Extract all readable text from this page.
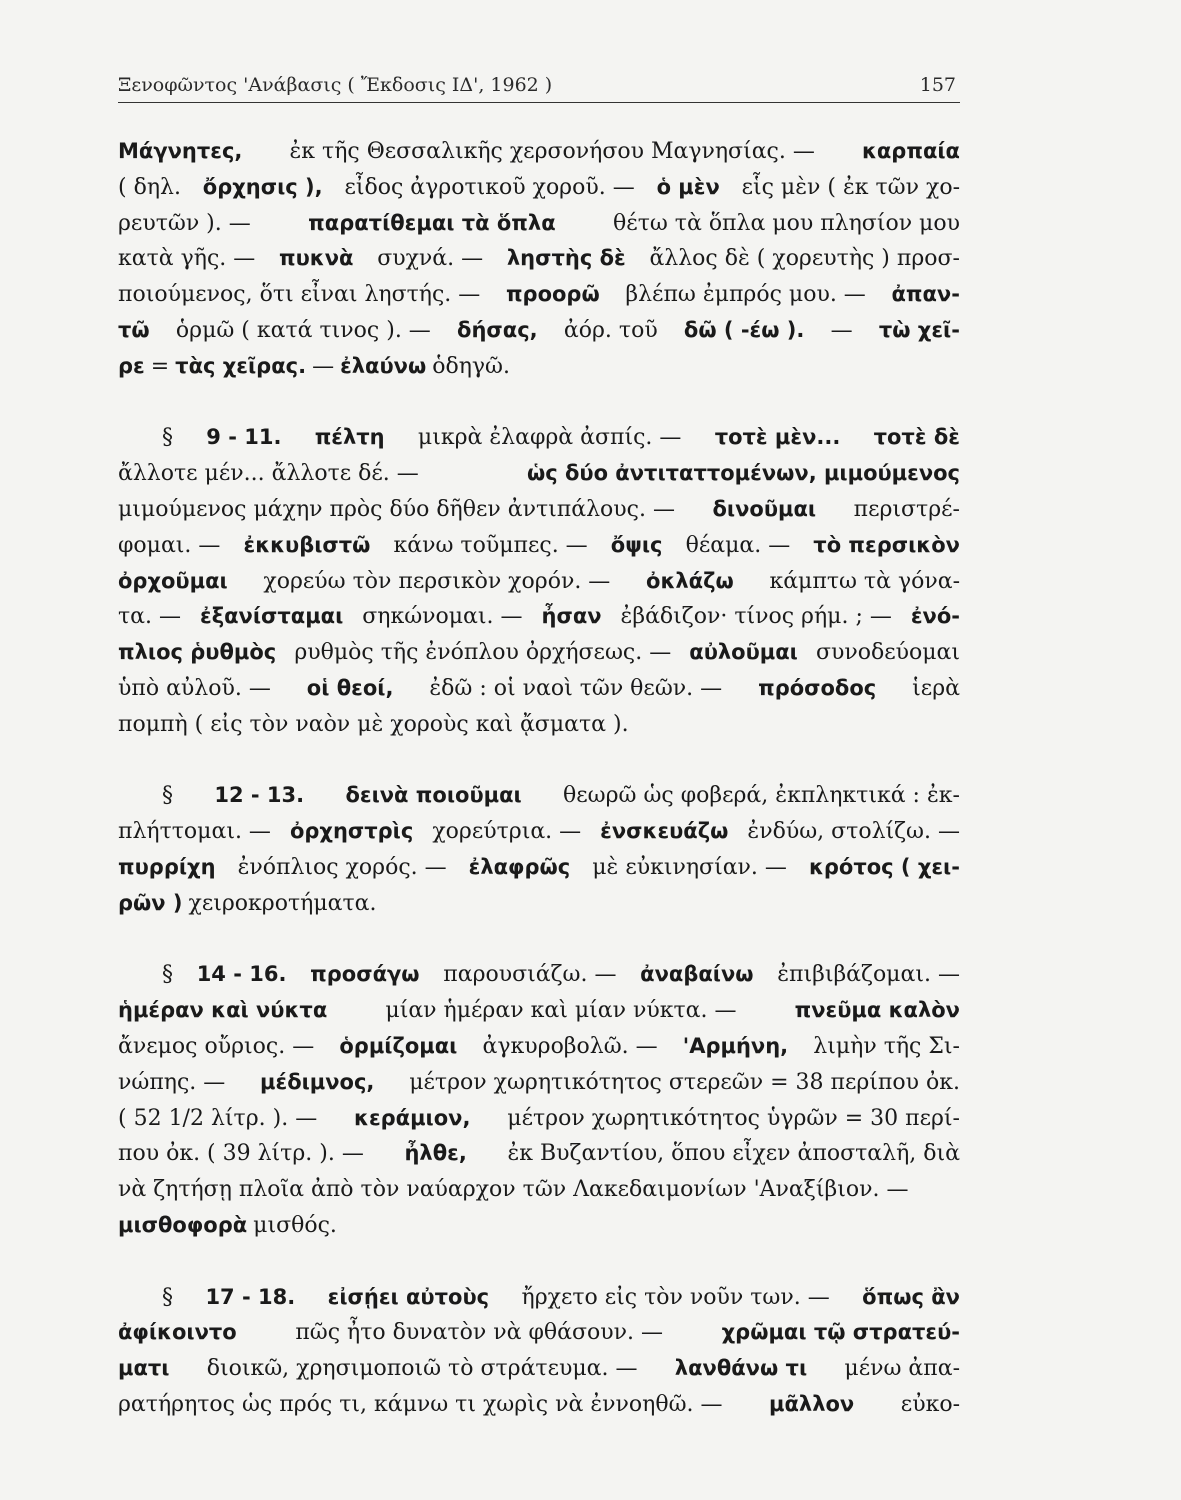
Ξενοφῶντος 'Ανάβασις ( Ἔκδοσις ΙΔ', 1962 )	157
Μάγνητες, ἐκ τῆς Θεσσαλικῆς χερσονήσου Μαγνησίας. — καρπαία
( δηλ. ὄρχησις ), εἶδος ἀγροτικοῦ χοροῦ. — ὁ μὲν εἷς μὲν ( ἐκ τῶν χο-
ρευτῶν ). —	παρατίθεμαι τὰ ὅπλα	θέτω τὰ ὅπλα μου πλησίον μου
κατὰ γῆς. — πυκνὰ συχνά. — ληστὴς δὲ ἄλλος δὲ ( χορευτὴς ) προσ-
ποιούμενος, ὅτι εἶναι ληστής. — προορῶ βλέπω ἐμπρός μου. — ἀπαν-
τῶ ὁρμῶ ( κατά τινος ). — δήσας, ἀόρ. τοῦ δῶ ( -έω ). — τὼ χεῖ-
ρε = τὰς χεῖρας. — ἐλαύνω ὁδηγῶ.
§ 9 - 11. πέλτη μικρὰ ἐλαφρὰ ἀσπίς. — τοτὲ μὲν... τοτὲ δὲ
ἄλλοτε μέν... ἄλλοτε δέ. —	ὡς δύο ἀντιταττομένων, μιμούμενος
μιμούμενος μάχην πρὸς δύο δῆθεν ἀντιπάλους. — δινοῦμαι περιστρέ-
φομαι. — ἐκκυβιστῶ κάνω τοῦμπες. — ὄψις θέαμα. — τὸ περσικὸν
ὀρχοῦμαι χορεύω τὸν περσικὸν χορόν. — ὀκλάζω κάμπτω τὰ γόνα-
τα. — ἐξανίσταμαι σηκώνομαι. — ἦσαν ἐβάδιζον· τίνος ρήμ. ; — ἐνό-
πλιος ῥυθμὸς ρυθμὸς τῆς ἐνόπλου ὀρχήσεως. — αὐλοῦμαι συνοδεύομαι
ὑπὸ αὐλοῦ. — οἱ θεοί, ἐδῶ : οἱ ναοὶ τῶν θεῶν. — πρόσοδος ἱερὰ
πομπὴ ( εἰς τὸν ναὸν μὲ χοροὺς καὶ ᾄσματα ).
§ 12 - 13. δεινὰ ποιοῦμαι θεωρῶ ὡς φοβερά, ἐκπληκτικά : ἐκ-
πλήττομαι. — ὀρχηστρὶς χορεύτρια. — ἐνσκευάζω ἐνδύω, στολίζω. —
πυρρίχη ἐνόπλιος χορός. — ἐλαφρῶς μὲ εὐκινησίαν. — κρότος ( χει-
ρῶν ) χειροκροτήματα.
§ 14 - 16. προσάγω παρουσιάζω. — ἀναβαίνω ἐπιβιβάζομαι. —
ἡμέραν καὶ νύκτα	μίαν ἡμέραν καὶ μίαν νύκτα. —	πνεῦμα καλὸν
ἄνεμος οὔριος. — ὁρμίζομαι ἀγκυροβολῶ. — 'Αρμήνη, λιμὴν τῆς Σι-
νώπης. — μέδιμνος, μέτρον χωρητικότητος στερεῶν = 38 περίπου ὀκ.
( 52 1/2 λίτρ. ). — κεράμιον, μέτρον χωρητικότητος ὑγρῶν = 30 περί-
που ὀκ. ( 39 λίτρ. ). — ἦλθε, ἐκ Βυζαντίου, ὅπου εἶχεν ἀποσταλῆ, διὰ
νὰ ζητήσῃ πλοῖα ἀπὸ τὸν ναύαρχον τῶν Λακεδαιμονίων 'Αναξίβιον. —
μισθοφορὰ μισθός.
§ 17 - 18. εἰσῄει αὐτοὺς ἤρχετο εἰς τὸν νοῦν των. — ὅπως ἂν
ἀφίκοιντο	πῶς ἦτο δυνατὸν νὰ φθάσουν. —	χρῶμαι τῷ στρατεύ-
ματι διοικῶ, χρησιμοποιῶ τὸ στράτευμα. — λανθάνω τι μένω ἀπα-
ρατήρητος ὡς πρός τι, κάμνω τι χωρὶς νὰ ἐννοηθῶ. — μᾶλλον εὐκο-
